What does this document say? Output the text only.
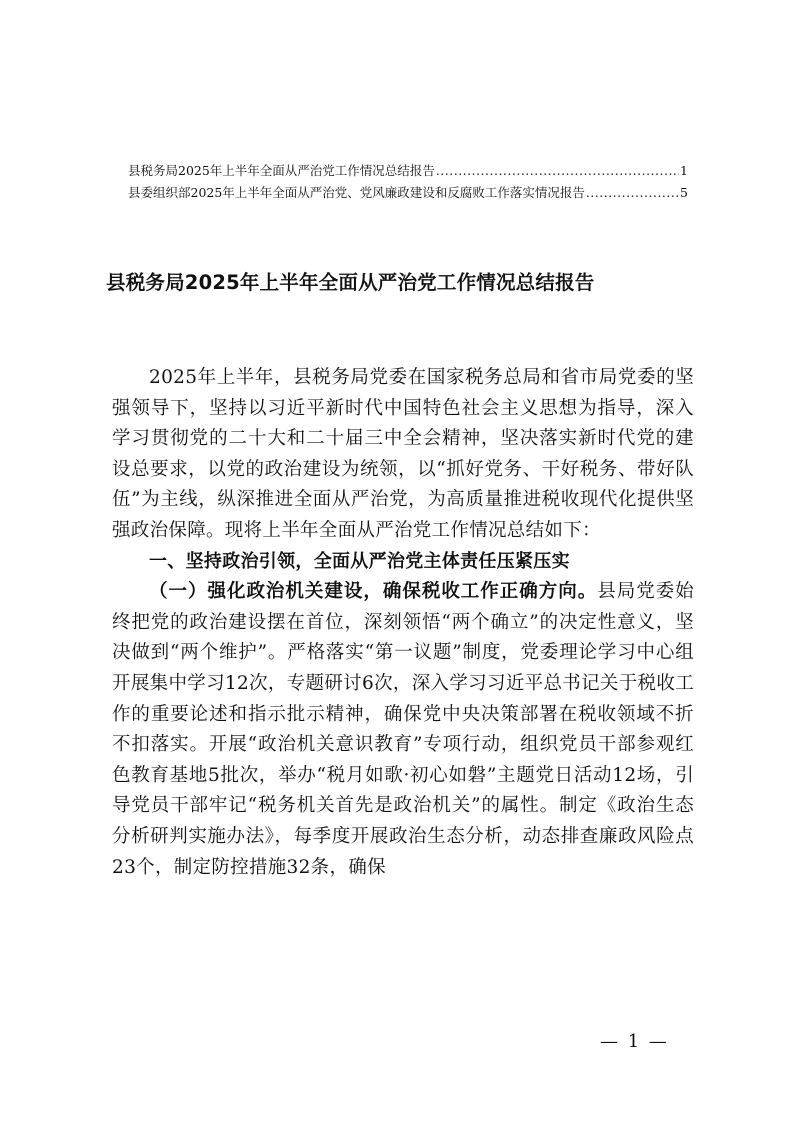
县税务局2025年上半年全面从严治党工作情况总结报告 .....	1
县委组织部2025年上半年全面从严治党、党风廉政建设和反腐败工作落实情况报告 .....	5
县税务局2025年上半年全面从严治党工作情况总结报告

2025年上半年，县税务局党委在国家税务总局和省市局党委的坚强领导下，坚持以习近平新时代中国特色社会主义思想为指导，深入学习贯彻党的二十大和二十届三中全会精神，坚决落实新时代党的建设总要求，以党的政治建设为统领，以“抓好党务、干好税务、带好队伍”为主线，纵深推进全面从严治党，为高质量推进税收现代化提供坚强政治保障。现将上半年全面从严治党工作情况总结如下：

一、坚持政治引领，全面从严治党主体责任压紧压实

（一）强化政治机关建设，确保税收工作正确方向。县局党委始终把党的政治建设摆在首位，深刻领悟“两个确立”的决定性意义，坚决做到“两个维护”。严格落实“第一议题”制度，党委理论学习中心组开展集中学习12次，专题研讨6次，深入学习习近平总书记关于税收工作的重要论述和指示批示精神，确保党中央决策部署在税收领域不折不扣落实。开展“政治机关意识教育”专项行动，组织党员干部参观红色教育基地5批次，举办“税月如歌·初心如磐”主题党日活动12场，引导党员干部牢记“税务机关首先是政治机关”的属性。制定《政治生态分析研判实施办法》，每季度开展政治生态分析，动态排查廉政风险点23个，制定防控措施32条，确保

— 1 —
